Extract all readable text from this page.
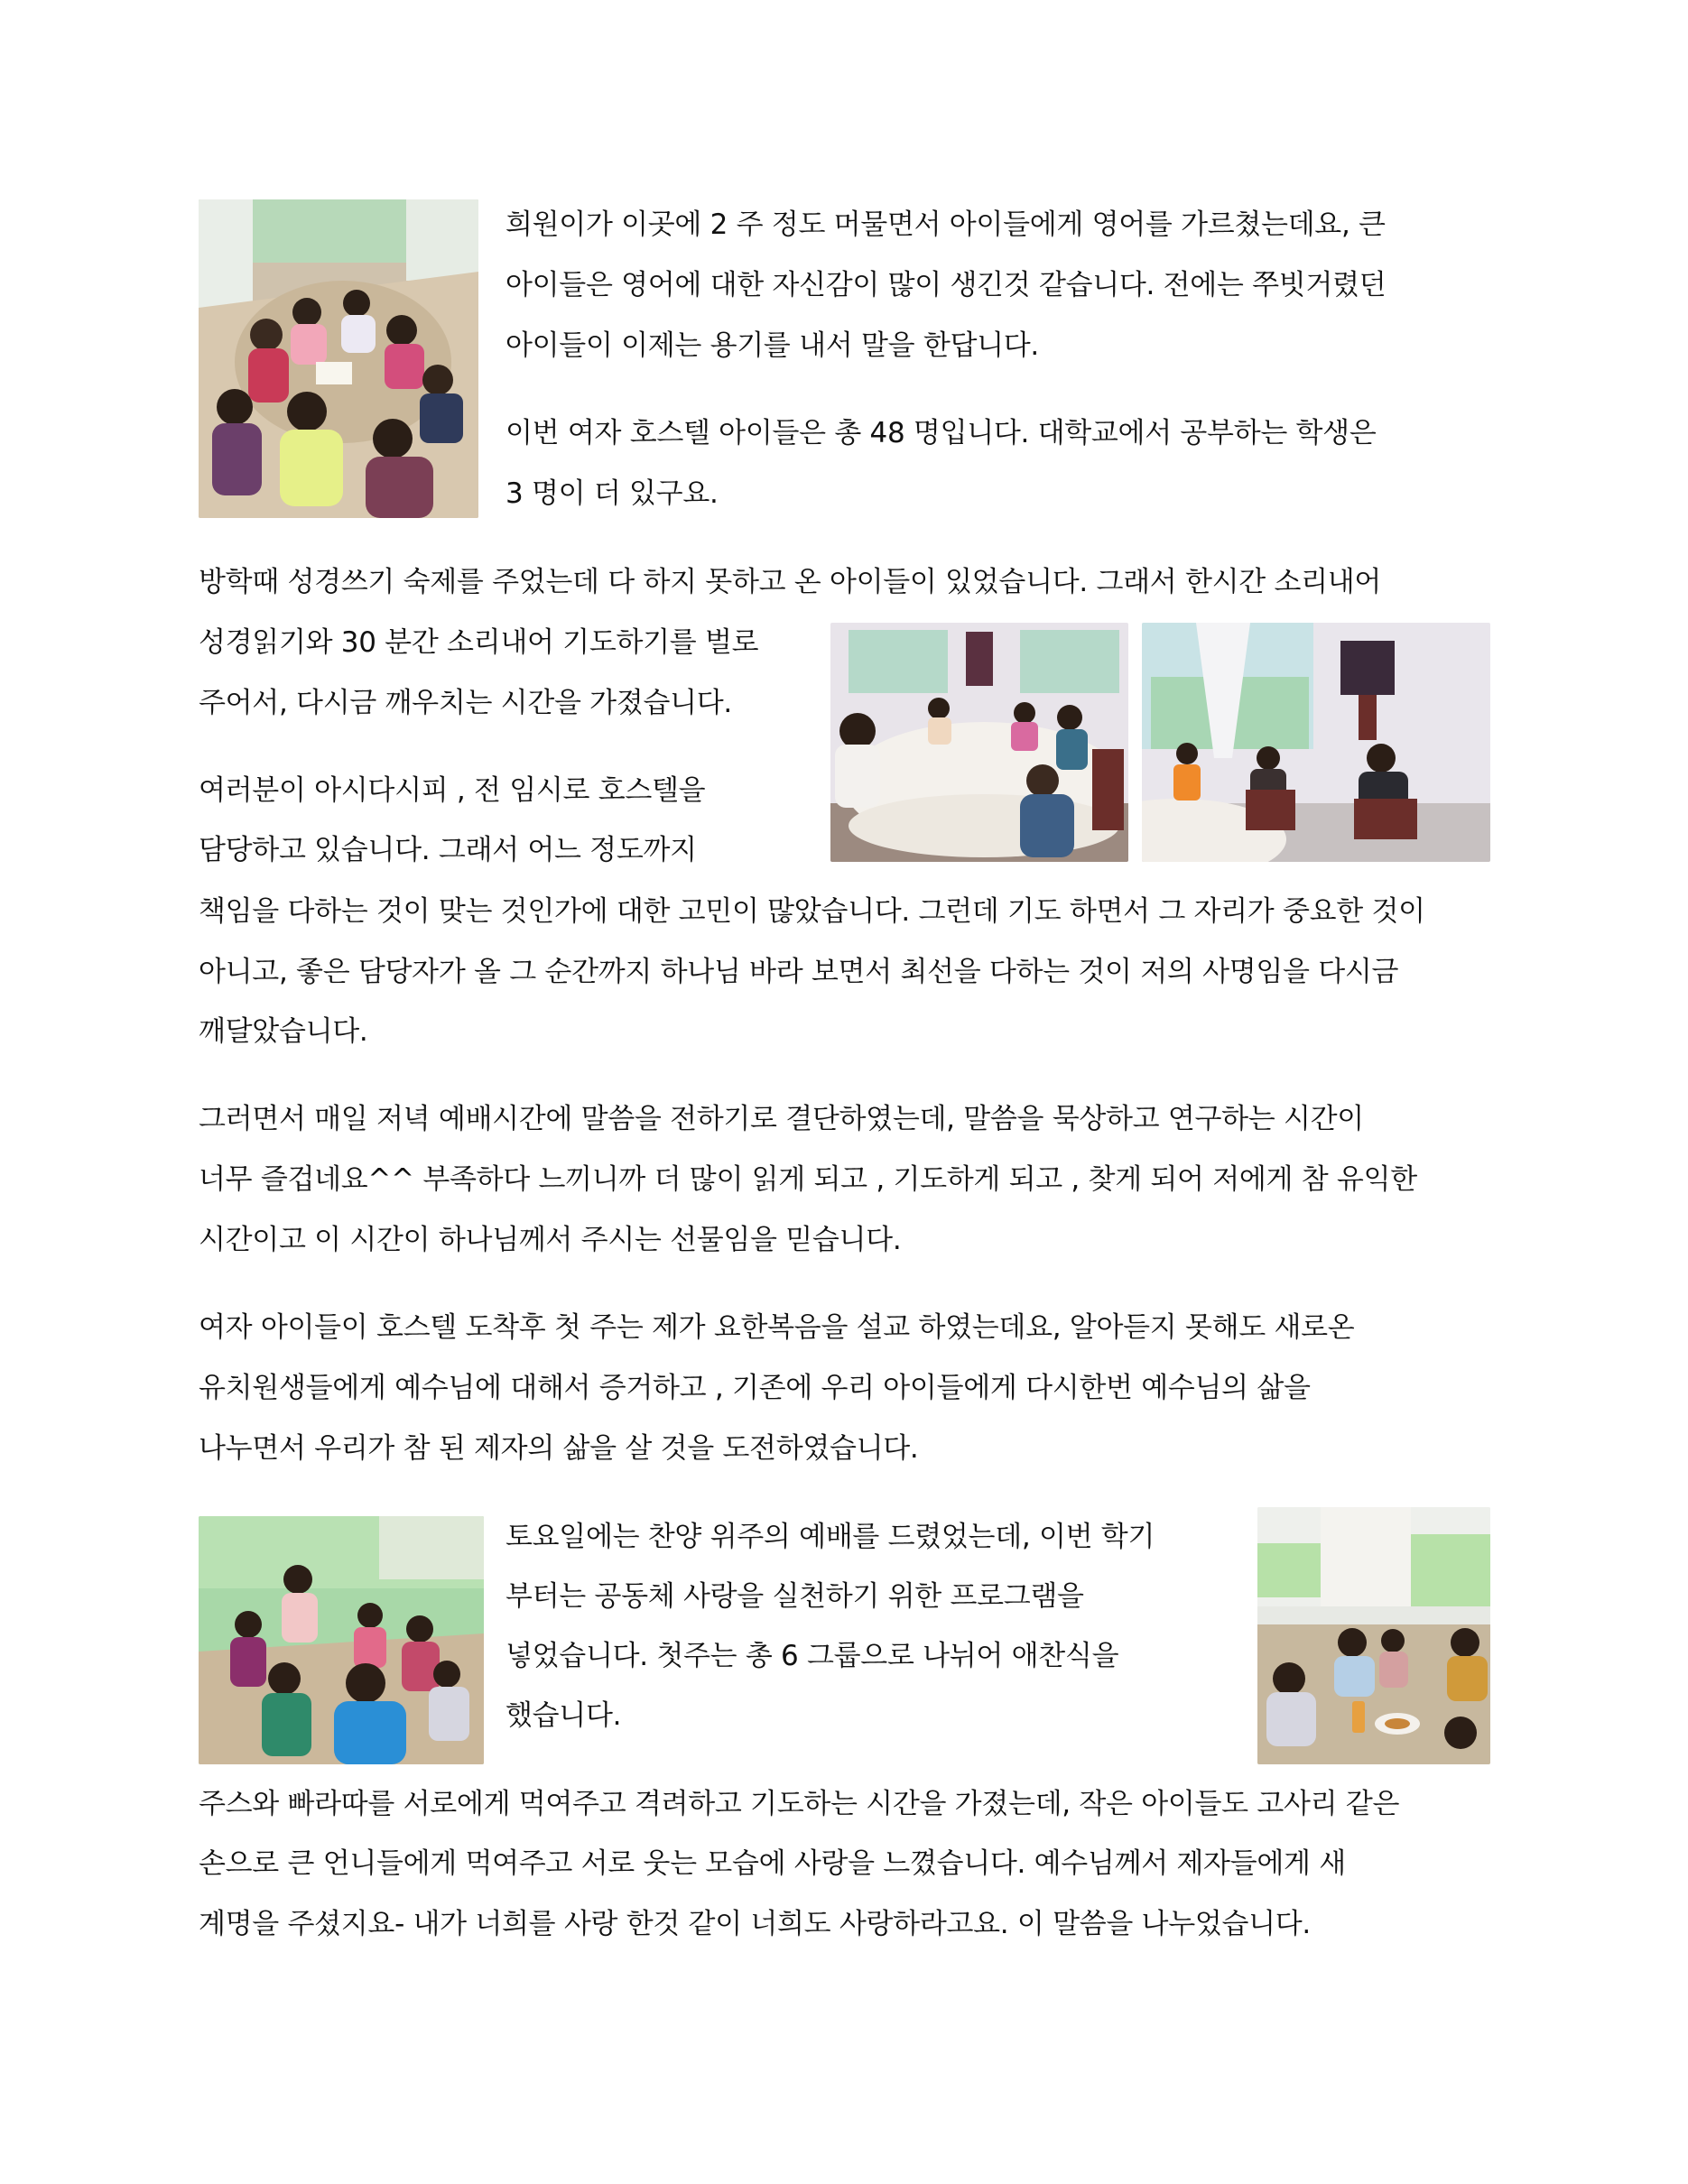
희원이가 이곳에 2 주 정도 머물면서 아이들에게 영어를 가르쳤는데요, 큰
아이들은 영어에 대한 자신감이 많이 생긴것 같습니다. 전에는 쭈빗거렸던
아이들이 이제는 용기를 내서 말을 한답니다.
이번 여자 호스텔 아이들은 총 48 명입니다. 대학교에서 공부하는 학생은
3 명이 더 있구요.
방학때 성경쓰기 숙제를 주었는데 다 하지 못하고 온 아이들이 있었습니다. 그래서 한시간 소리내어
성경읽기와 30 분간 소리내어 기도하기를 벌로
주어서, 다시금 깨우치는 시간을 가졌습니다.
여러분이 아시다시피 , 전 임시로 호스텔을
담당하고 있습니다. 그래서 어느 정도까지
책임을 다하는 것이 맞는 것인가에 대한 고민이 많았습니다. 그런데 기도 하면서 그 자리가 중요한 것이
아니고, 좋은 담당자가 올 그 순간까지 하나님 바라 보면서 최선을 다하는 것이 저의 사명임을 다시금
깨달았습니다.
그러면서 매일 저녁 예배시간에 말씀을 전하기로 결단하였는데, 말씀을 묵상하고 연구하는 시간이
너무 즐겁네요^^ 부족하다 느끼니까 더 많이 읽게 되고 , 기도하게 되고 , 찾게 되어 저에게 참 유익한
시간이고 이 시간이 하나님께서 주시는 선물임을 믿습니다.
여자 아이들이 호스텔 도착후 첫 주는 제가 요한복음을 설교 하였는데요, 알아듣지 못해도 새로온
유치원생들에게 예수님에 대해서 증거하고 , 기존에 우리 아이들에게 다시한번 예수님의 삶을
나누면서 우리가 참 된 제자의 삶을 살 것을 도전하였습니다.
토요일에는 찬양 위주의 예배를 드렸었는데, 이번 학기
부터는 공동체 사랑을 실천하기 위한 프로그램을
넣었습니다. 첫주는 총 6 그룹으로 나뉘어 애찬식을
했습니다.
주스와 빠라따를 서로에게 먹여주고 격려하고 기도하는 시간을 가졌는데, 작은 아이들도 고사리 같은
손으로 큰 언니들에게 먹여주고 서로 웃는 모습에 사랑을 느꼈습니다. 예수님께서 제자들에게 새
계명을 주셨지요- 내가 너희를 사랑 한것 같이 너희도 사랑하라고요. 이 말씀을 나누었습니다.
